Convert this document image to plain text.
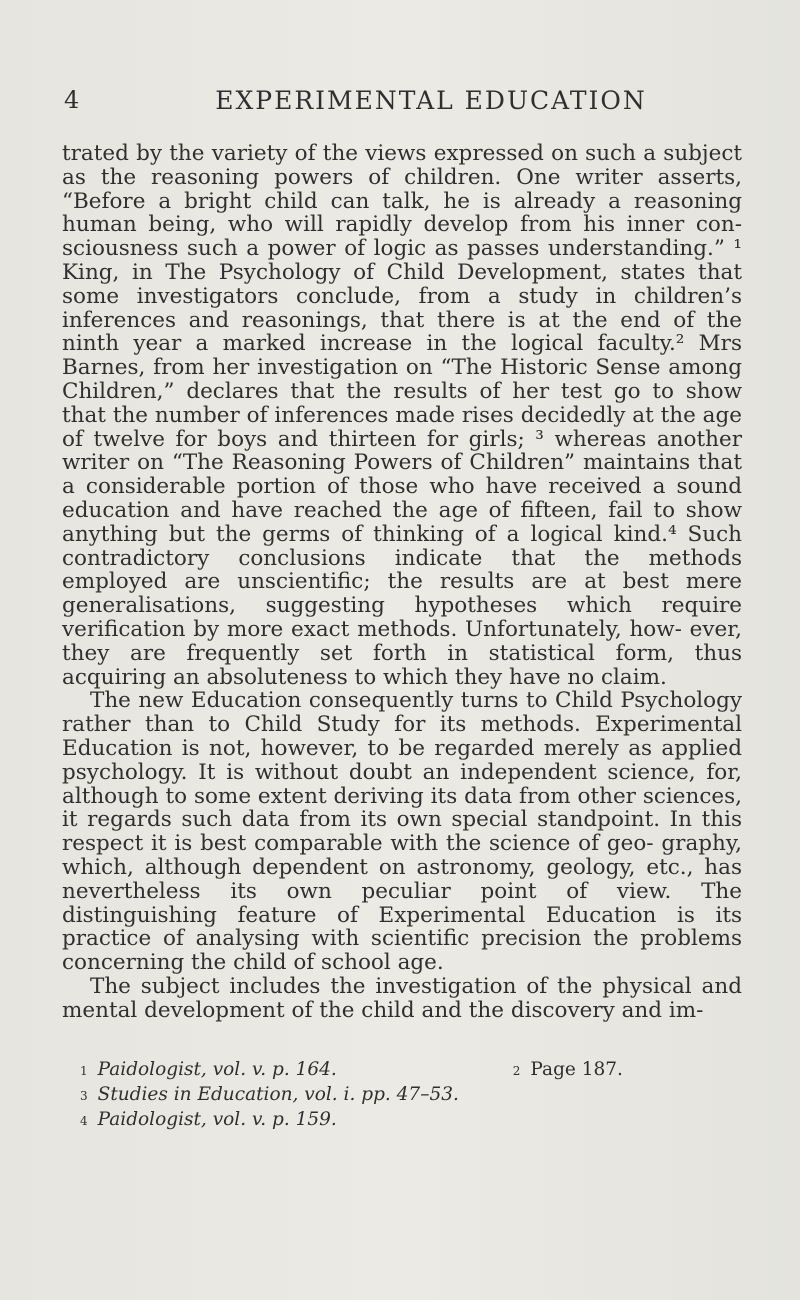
4	EXPERIMENTAL EDUCATION

trated by the variety of the views expressed on such a subject as the reasoning powers of children. One writer asserts, “Before a bright child can talk, he is already a reasoning human being, who will rapidly develop from his inner con- sciousness such a power of logic as passes understanding.” ¹ King, in The Psychology of Child Development, states that some investigators conclude, from a study in children’s inferences and reasonings, that there is at the end of the ninth year a marked increase in the logical faculty.² Mrs Barnes, from her investigation on “The Historic Sense among Children,” declares that the results of her test go to show that the number of inferences made rises decidedly at the age of twelve for boys and thirteen for girls; ³ whereas another writer on “The Reasoning Powers of Children” maintains that a considerable portion of those who have received a sound education and have reached the age of fifteen, fail to show anything but the germs of thinking of a logical kind.⁴ Such contradictory conclusions indicate that the methods employed are unscientific; the results are at best mere generalisations, suggesting hypotheses which require verification by more exact methods. Unfortunately, how- ever, they are frequently set forth in statistical form, thus acquiring an absoluteness to which they have no claim.

The new Education consequently turns to Child Psychology rather than to Child Study for its methods. Experimental Education is not, however, to be regarded merely as applied psychology. It is without doubt an independent science, for, although to some extent deriving its data from other sciences, it regards such data from its own special standpoint. In this respect it is best comparable with the science of geo- graphy, which, although dependent on astronomy, geology, etc., has nevertheless its own peculiar point of view. The distinguishing feature of Experimental Education is its practice of analysing with scientific precision the problems concerning the child of school age.

The subject includes the investigation of the physical and mental development of the child and the discovery and im-

1 Paidologist, vol. v. p. 164.	2 Page 187.
3 Studies in Education, vol. i. pp. 47–53.
4 Paidologist, vol. v. p. 159.
